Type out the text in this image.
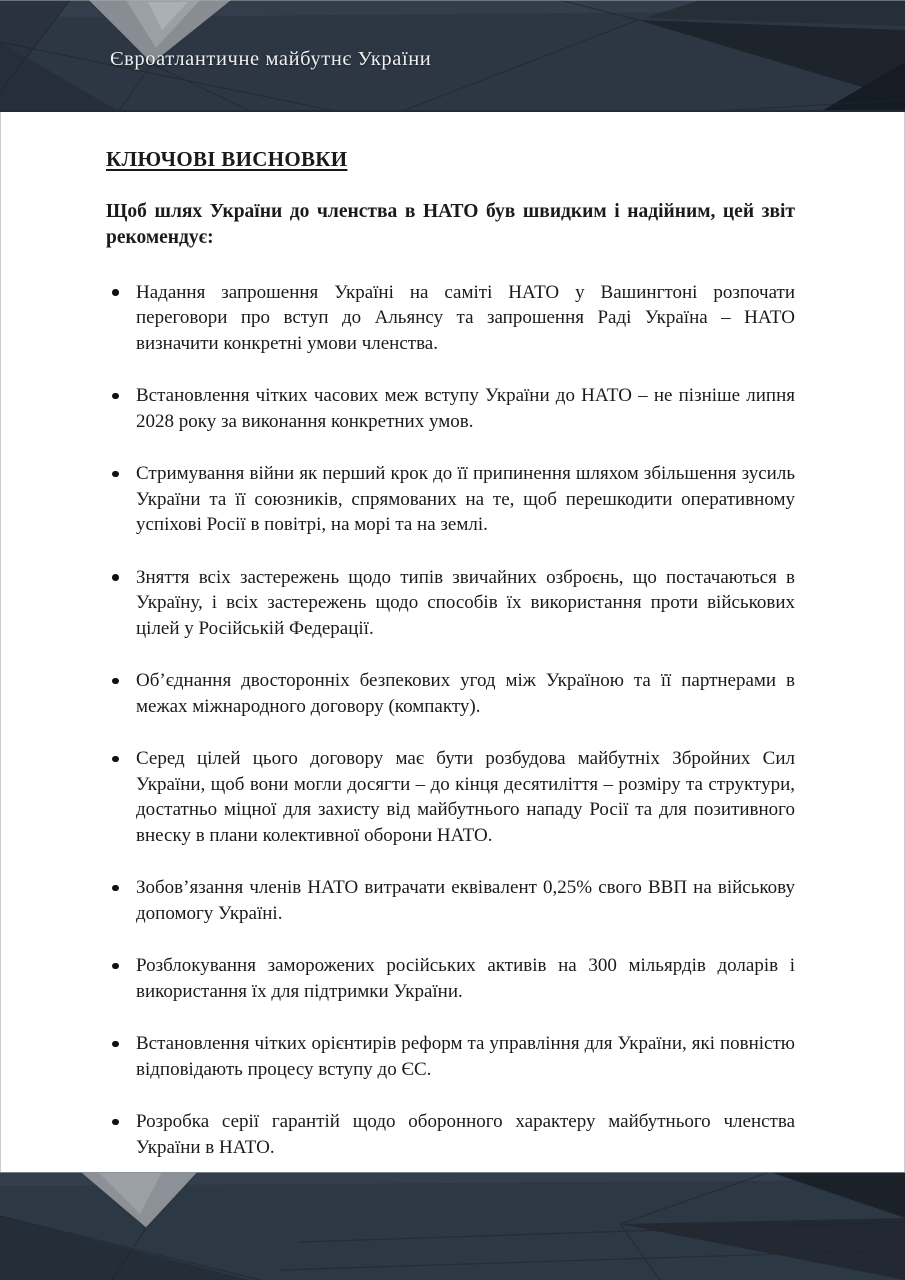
Євроатлантичне майбутнє України
КЛЮЧОВІ ВИСНОВКИ

Щоб шлях України до членства в НАТО був швидким і надійним, цей звіт рекомендує:

Надання запрошення Україні на саміті НАТО у Вашингтоні розпочати переговори про вступ до Альянсу та запрошення Раді Україна – НАТО визначити конкретні умови членства.
Встановлення чітких часових меж вступу України до НАТО – не пізніше липня 2028 року за виконання конкретних умов.
Стримування війни як перший крок до її припинення шляхом збільшення зусиль України та її союзників, спрямованих на те, щоб перешкодити оперативному успіхові Росії в повітрі, на морі та на землі.
Зняття всіх застережень щодо типів звичайних озброєнь, що постачаються в Україну, і всіх застережень щодо способів їх використання проти військових цілей у Російській Федерації.
Об’єднання двосторонніх безпекових угод між Україною та її партнерами в межах міжнародного договору (компакту).
Серед цілей цього договору має бути розбудова майбутніх Збройних Сил України, щоб вони могли досягти – до кінця десятиліття – розміру та структури, достатньо міцної для захисту від майбутнього нападу Росії та для позитивного внеску в плани колективної оборони НАТО.
Зобов’язання членів НАТО витрачати еквівалент 0,25% свого ВВП на військову допомогу Україні.
Розблокування заморожених російських активів на 300 мільярдів доларів і використання їх для підтримки України.
Встановлення чітких орієнтирів реформ та управління для України, які повністю відповідають процесу вступу до ЄС.
Розробка серії гарантій щодо оборонного характеру майбутнього членства України в НАТО.
